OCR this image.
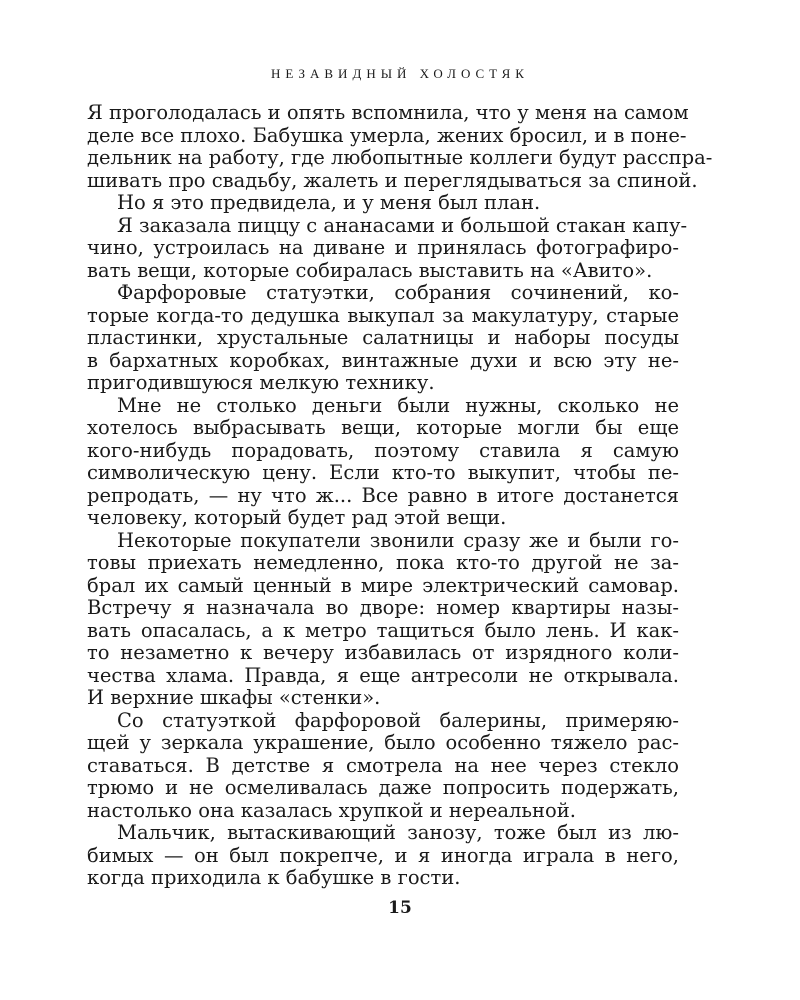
НЕЗАВИДНЫЙ ХОЛОСТЯК
Я проголодалась и опять вспомнила, что у меня на самом
деле все плохо. Бабушка умерла, жених бросил, и в поне-
дельник на работу, где любопытные коллеги будут расспра-
шивать про свадьбу, жалеть и переглядываться за спиной.
Но я это предвидела, и у меня был план.
Я заказала пиццу с ананасами и большой стакан капу-
чино, устроилась на диване и принялась фотографиро-
вать вещи, которые собиралась выставить на «Авито».
Фарфоровые статуэтки, собрания сочинений, ко-
торые когда-то дедушка выкупал за макулатуру, старые
пластинки, хрустальные салатницы и наборы посуды
в бархатных коробках, винтажные духи и всю эту не-
пригодившуюся мелкую технику.
Мне не столько деньги были нужны, сколько не
хотелось выбрасывать вещи, которые могли бы еще
кого-нибудь порадовать, поэтому ставила я самую
символическую цену. Если кто-то выкупит, чтобы пе-
репродать, — ну что ж... Все равно в итоге достанется
человеку, который будет рад этой вещи.
Некоторые покупатели звонили сразу же и были го-
товы приехать немедленно, пока кто-то другой не за-
брал их самый ценный в мире электрический самовар.
Встречу я назначала во дворе: номер квартиры назы-
вать опасалась, а к метро тащиться было лень. И как-
то незаметно к вечеру избавилась от изрядного коли-
чества хлама. Правда, я еще антресоли не открывала.
И верхние шкафы «стенки».
Со статуэткой фарфоровой балерины, примеряю-
щей у зеркала украшение, было особенно тяжело рас-
ставаться. В детстве я смотрела на нее через стекло
трюмо и не осмеливалась даже попросить подержать,
настолько она казалась хрупкой и нереальной.
Мальчик, вытаскивающий занозу, тоже был из лю-
бимых — он был покрепче, и я иногда играла в него,
когда приходила к бабушке в гости.
15
